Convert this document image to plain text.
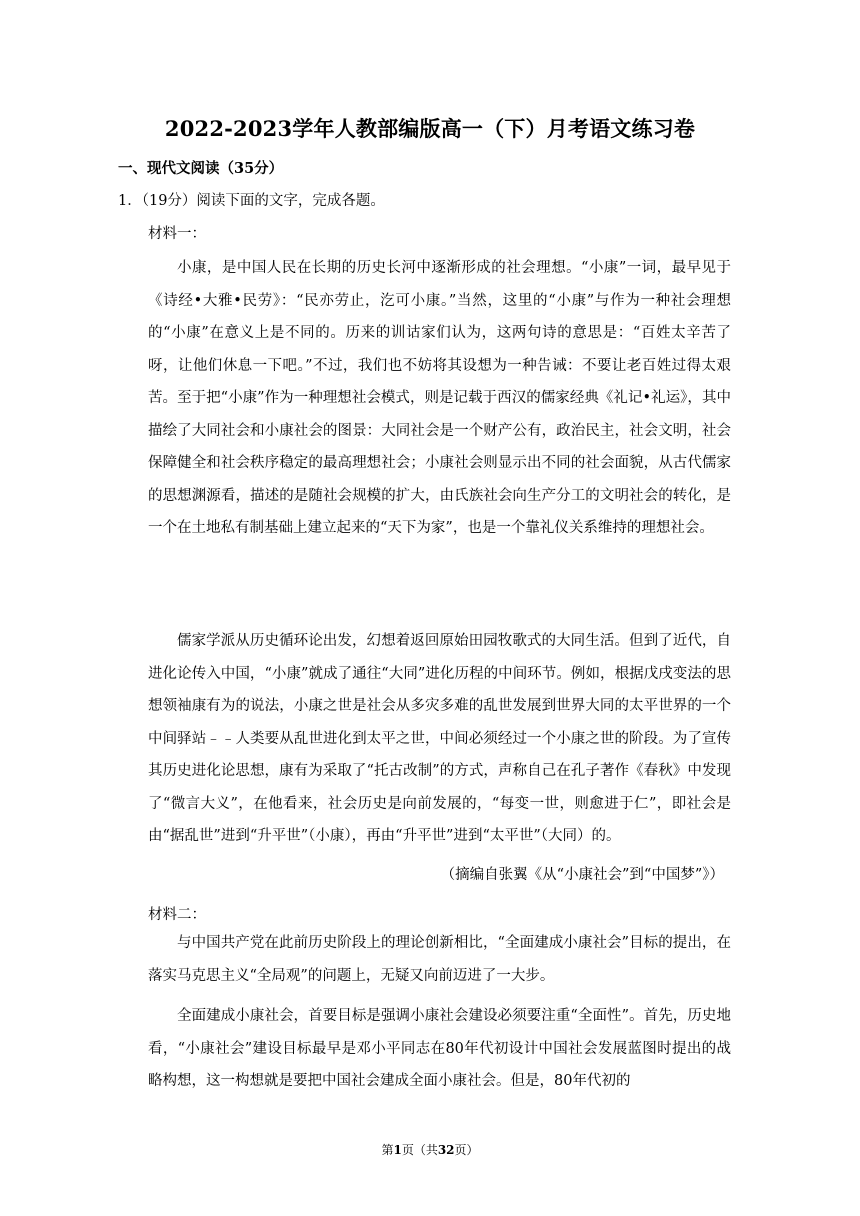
2022-2023学年人教部编版高一（下）月考语文练习卷
一、现代文阅读（35分）
1．（19分）阅读下面的文字，完成各题。
材料一：
小康，是中国人民在长期的历史长河中逐渐形成的社会理想。“小康”一词，最早见于《诗经•大雅•民劳》：“民亦劳止，汔可小康。”当然，这里的“小康”与作为一种社会理想的“小康”在意义上是不同的。历来的训诂家们认为，这两句诗的意思是：“百姓太辛苦了呀，让他们休息一下吧。”不过，我们也不妨将其设想为一种告诫：不要让老百姓过得太艰苦。至于把“小康”作为一种理想社会模式，则是记载于西汉的儒家经典《礼记•礼运》，其中描绘了大同社会和小康社会的图景：大同社会是一个财产公有，政治民主，社会文明，社会保障健全和社会秩序稳定的最高理想社会；小康社会则显示出不同的社会面貌，从古代儒家的思想渊源看，描述的是随社会规模的扩大，由氏族社会向生产分工的文明社会的转化，是一个在土地私有制基础上建立起来的“天下为家”，也是一个靠礼仪关系维持的理想社会。
儒家学派从历史循环论出发，幻想着返回原始田园牧歌式的大同生活。但到了近代，自进化论传入中国，“小康”就成了通往“大同”进化历程的中间环节。例如，根据戊戌变法的思想领袖康有为的说法，小康之世是社会从多灾多难的乱世发展到世界大同的太平世界的一个中间驿站﹣﹣人类要从乱世进化到太平之世，中间必须经过一个小康之世的阶段。为了宣传其历史进化论思想，康有为采取了“托古改制”的方式，声称自己在孔子著作《春秋》中发现了“微言大义”，在他看来，社会历史是向前发展的，“每变一世，则愈进于仁”，即社会是由“据乱世”进到“升平世”（小康），再由“升平世”进到“太平世”（大同）的。
（摘编自张翼《从“小康社会”到“中国梦”》）
材料二：
与中国共产党在此前历史阶段上的理论创新相比，“全面建成小康社会”目标的提出，在落实马克思主义“全局观”的问题上，无疑又向前迈进了一大步。
全面建成小康社会，首要目标是强调小康社会建设必须要注重“全面性”。首先，历史地看，“小康社会”建设目标最早是邓小平同志在80年代初设计中国社会发展蓝图时提出的战略构想，这一构想就是要把中国社会建成全面小康社会。但是，80年代初的
第1页（共32页）
